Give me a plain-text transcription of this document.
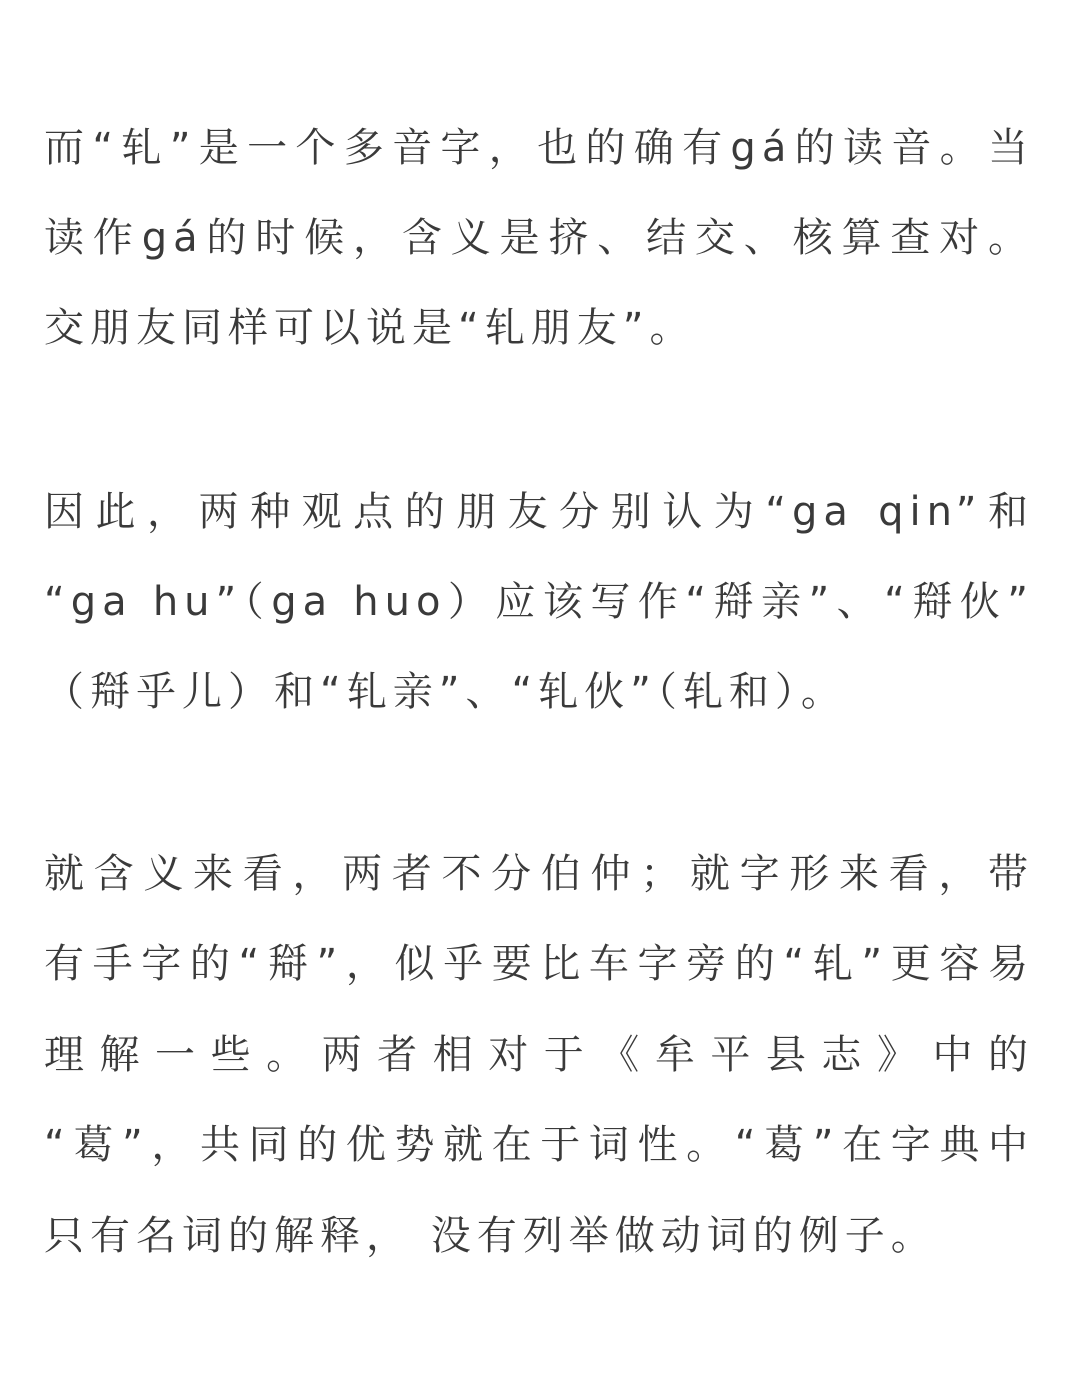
而“轧”是一个多音字，也的确有gá的读音。当
读作gá的时候，含义是挤、结交、核算查对。
交朋友同样可以说是“轧朋友”。
因此，两种观点的朋友分别认为“ga qin”和
“ga hu”（ga huo）应该写作“搿亲”、“搿伙”
（搿乎儿）和“轧亲”、“轧伙”（轧和）。
就含义来看，两者不分伯仲；就字形来看，带
有手字的“搿”，似乎要比车字旁的“轧”更容易
理解一些。两者相对于《牟平县志》中的
“葛”，共同的优势就在于词性。“葛”在字典中
只有名词的解释， 没有列举做动词的例子。
